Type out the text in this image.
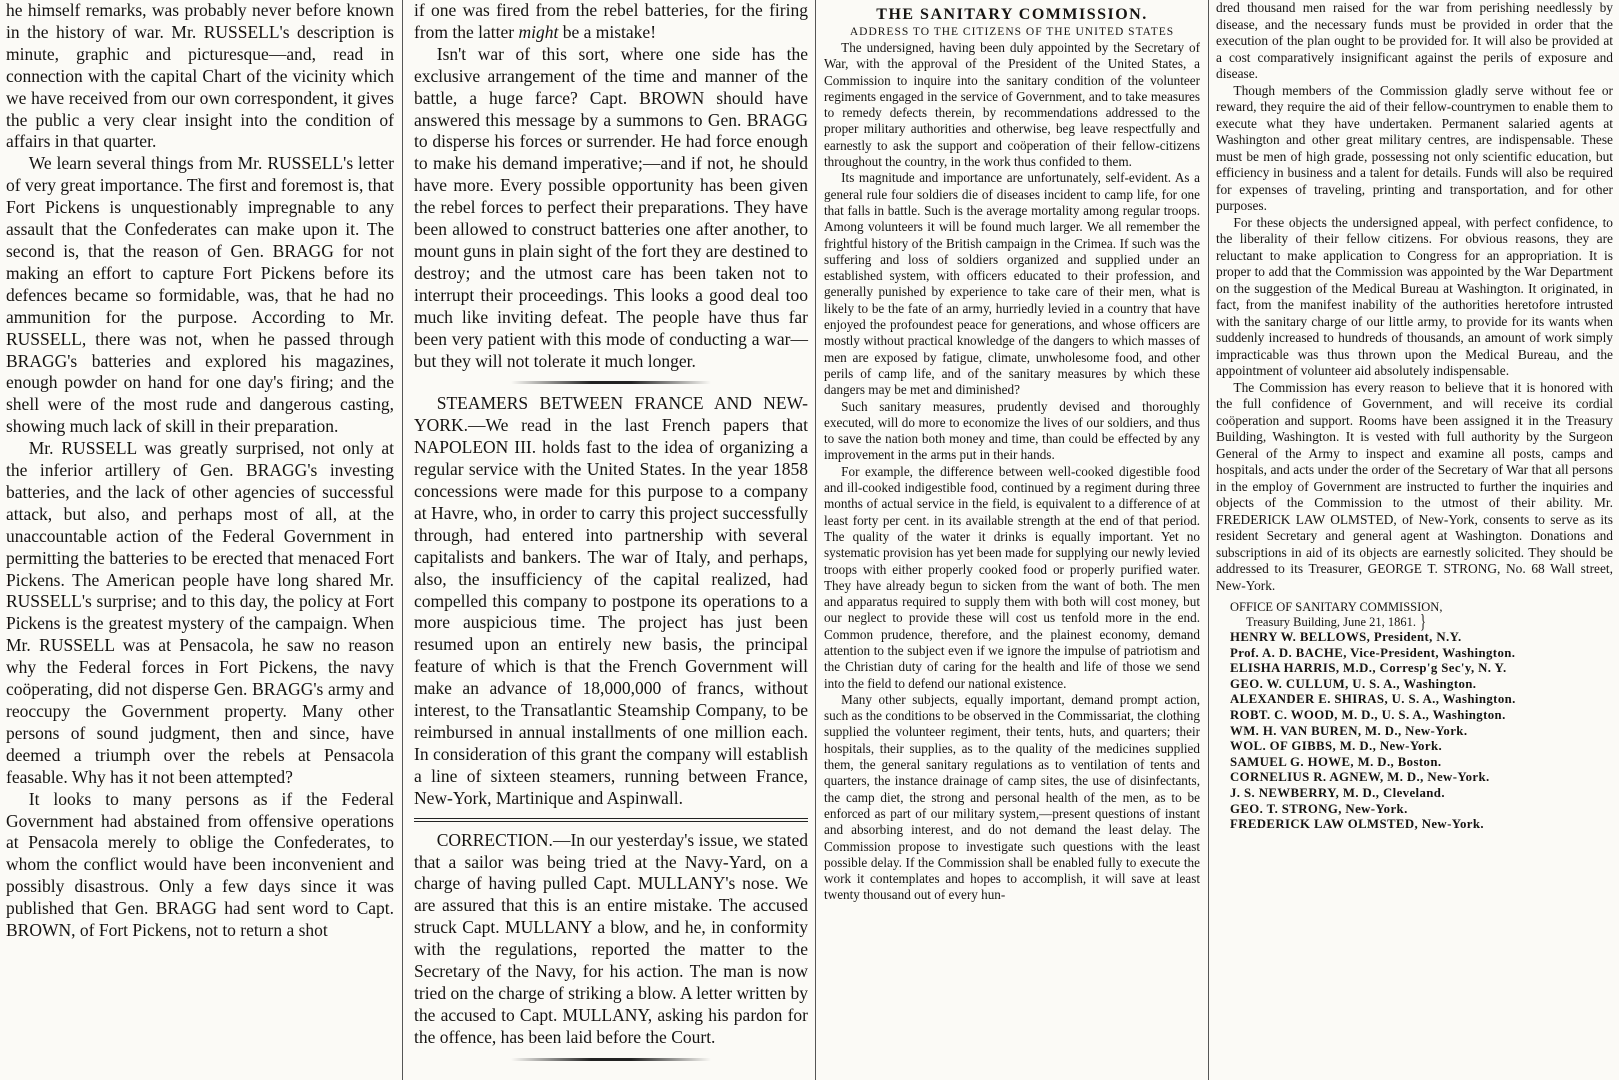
he himself remarks, was probably never before known in the history of war. Mr. RUSSELL's description is minute, graphic and picturesque—and, read in connection with the capital Chart of the vicinity which we have received from our own correspondent, it gives the public a very clear insight into the condition of affairs in that quarter.

We learn several things from Mr. RUSSELL's letter of very great importance. The first and foremost is, that Fort Pickens is unquestionably impregnable to any assault that the Confederates can make upon it. The second is, that the reason of Gen. BRAGG for not making an effort to capture Fort Pickens before its defences became so formidable, was, that he had no ammunition for the purpose. According to Mr. RUSSELL, there was not, when he passed through BRAGG's batteries and explored his magazines, enough powder on hand for one day's firing; and the shell were of the most rude and dangerous casting, showing much lack of skill in their preparation.

Mr. RUSSELL was greatly surprised, not only at the inferior artillery of Gen. BRAGG's investing batteries, and the lack of other agencies of successful attack, but also, and perhaps most of all, at the unaccountable action of the Federal Government in permitting the batteries to be erected that menaced Fort Pickens. The American people have long shared Mr. RUSSELL's surprise; and to this day, the policy at Fort Pickens is the greatest mystery of the campaign. When Mr. RUSSELL was at Pensacola, he saw no reason why the Federal forces in Fort Pickens, the navy coöperating, did not disperse Gen. BRAGG's army and reoccupy the Government property. Many other persons of sound judgment, then and since, have deemed a triumph over the rebels at Pensacola feasable. Why has it not been attempted?

It looks to many persons as if the Federal Government had abstained from offensive operations at Pensacola merely to oblige the Confederates, to whom the conflict would have been inconvenient and possibly disastrous. Only a few days since it was published that Gen. BRAGG had sent word to Capt. BROWN, of Fort Pickens, not to return a shot

if one was fired from the rebel batteries, for the firing from the latter might be a mistake!

Isn't war of this sort, where one side has the exclusive arrangement of the time and manner of the battle, a huge farce? Capt. BROWN should have answered this message by a summons to Gen. BRAGG to disperse his forces or surrender. He had force enough to make his demand imperative;—and if not, he should have more. Every possible opportunity has been given the rebel forces to perfect their preparations. They have been allowed to construct batteries one after another, to mount guns in plain sight of the fort they are destined to destroy; and the utmost care has been taken not to interrupt their proceedings. This looks a good deal too much like inviting defeat. The people have thus far been very patient with this mode of conducting a war—but they will not tolerate it much longer.

STEAMERS BETWEEN FRANCE AND NEW-YORK.—We read in the last French papers that NAPOLEON III. holds fast to the idea of organizing a regular service with the United States. In the year 1858 concessions were made for this purpose to a company at Havre, who, in order to carry this project successfully through, had entered into partnership with several capitalists and bankers. The war of Italy, and perhaps, also, the insufficiency of the capital realized, had compelled this company to postpone its operations to a more auspicious time. The project has just been resumed upon an entirely new basis, the principal feature of which is that the French Government will make an advance of 18,000,000 of francs, without interest, to the Transatlantic Steamship Company, to be reimbursed in annual installments of one million each. In consideration of this grant the company will establish a line of sixteen steamers, running between France, New-York, Martinique and Aspinwall.

CORRECTION.—In our yesterday's issue, we stated that a sailor was being tried at the Navy-Yard, on a charge of having pulled Capt. MULLANY's nose. We are assured that this is an entire mistake. The accused struck Capt. MULLANY a blow, and he, in conformity with the regulations, reported the matter to the Secretary of the Navy, for his action. The man is now tried on the charge of striking a blow. A letter written by the accused to Capt. MULLANY, asking his pardon for the offence, has been laid before the Court.

THE SANITARY COMMISSION.
ADDRESS TO THE CITIZENS OF THE UNITED STATES

The undersigned, having been duly appointed by the Secretary of War, with the approval of the President of the United States, a Commission to inquire into the sanitary condition of the volunteer regiments engaged in the service of Government, and to take measures to remedy defects therein, by recommendations addressed to the proper military authorities and otherwise, beg leave respectfully and earnestly to ask the support and coöperation of their fellow-citizens throughout the country, in the work thus confided to them.

Its magnitude and importance are unfortunately, self-evident. As a general rule four soldiers die of diseases incident to camp life, for one that falls in battle. Such is the average mortality among regular troops. Among volunteers it will be found much larger. We all remember the frightful history of the British campaign in the Crimea. If such was the suffering and loss of soldiers organized and supplied under an established system, with officers educated to their profession, and generally punished by experience to take care of their men, what is likely to be the fate of an army, hurriedly levied in a country that have enjoyed the profoundest peace for generations, and whose officers are mostly without practical knowledge of the dangers to which masses of men are exposed by fatigue, climate, unwholesome food, and other perils of camp life, and of the sanitary measures by which these dangers may be met and diminished?

Such sanitary measures, prudently devised and thoroughly executed, will do more to economize the lives of our soldiers, and thus to save the nation both money and time, than could be effected by any improvement in the arms put in their hands.

For example, the difference between well-cooked digestible food and ill-cooked indigestible food, continued by a regiment during three months of actual service in the field, is equivalent to a difference of at least forty per cent. in its available strength at the end of that period. The quality of the water it drinks is equally important. Yet no systematic provision has yet been made for supplying our newly levied troops with either properly cooked food or properly purified water. They have already begun to sicken from the want of both. The men and apparatus required to supply them with both will cost money, but our neglect to provide these will cost us tenfold more in the end. Common prudence, therefore, and the plainest economy, demand attention to the subject even if we ignore the impulse of patriotism and the Christian duty of caring for the health and life of those we send into the field to defend our national existence.

Many other subjects, equally important, demand prompt action, such as the conditions to be observed in the Commissariat, the clothing supplied the volunteer regiment, their tents, huts, and quarters; their hospitals, their supplies, as to the quality of the medicines supplied them, the general sanitary regulations as to ventilation of tents and quarters, the instance drainage of camp sites, the use of disinfectants, the camp diet, the strong and personal health of the men, as to be enforced as part of our military system,—present questions of instant and absorbing interest, and do not demand the least delay. The Commission propose to investigate such questions with the least possible delay. If the Commission shall be enabled fully to execute the work it contemplates and hopes to accomplish, it will save at least twenty thousand out of every hun-

dred thousand men raised for the war from perishing needlessly by disease, and the necessary funds must be provided in order that the execution of the plan ought to be provided for. It will also be provided at a cost comparatively insignificant against the perils of exposure and disease.

Though members of the Commission gladly serve without fee or reward, they require the aid of their fellow-countrymen to enable them to execute what they have undertaken. Permanent salaried agents at Washington and other great military centres, are indispensable. These must be men of high grade, possessing not only scientific education, but efficiency in business and a talent for details. Funds will also be required for expenses of traveling, printing and transportation, and for other purposes.

For these objects the undersigned appeal, with perfect confidence, to the liberality of their fellow citizens. For obvious reasons, they are reluctant to make application to Congress for an appropriation. It is proper to add that the Commission was appointed by the War Department on the suggestion of the Medical Bureau at Washington. It originated, in fact, from the manifest inability of the authorities heretofore intrusted with the sanitary charge of our little army, to provide for its wants when suddenly increased to hundreds of thousands, an amount of work simply impracticable was thus thrown upon the Medical Bureau, and the appointment of volunteer aid absolutely indispensable.

The Commission has every reason to believe that it is honored with the full confidence of Government, and will receive its cordial coöperation and support. Rooms have been assigned it in the Treasury Building, Washington. It is vested with full authority by the Surgeon General of the Army to inspect and examine all posts, camps and hospitals, and acts under the order of the Secretary of War that all persons in the employ of Government are instructed to further the inquiries and objects of the Commission to the utmost of their ability. Mr. FREDERICK LAW OLMSTED, of New-York, consents to serve as its resident Secretary and general agent at Washington. Donations and subscriptions in aid of its objects are earnestly solicited. They should be addressed to its Treasurer, GEORGE T. STRONG, No. 68 Wall street, New-York.

OFFICE OF SANITARY COMMISSION,
Treasury Building, June 21, 1861. }
HENRY W. BELLOWS, President, N.Y.
Prof. A. D. BACHE, Vice-President, Washington.
ELISHA HARRIS, M.D., Corresp'g Sec'y, N. Y.
GEO. W. CULLUM, U. S. A., Washington.
ALEXANDER E. SHIRAS, U. S. A., Washington.
ROBT. C. WOOD, M. D., U. S. A., Washington.
WM. H. VAN BUREN, M. D., New-York.
WOL. OF GIBBS, M. D., New-York.
SAMUEL G. HOWE, M. D., Boston.
CORNELIUS R. AGNEW, M. D., New-York.
J. S. NEWBERRY, M. D., Cleveland.
GEO. T. STRONG, New-York.
FREDERICK LAW OLMSTED, New-York.
